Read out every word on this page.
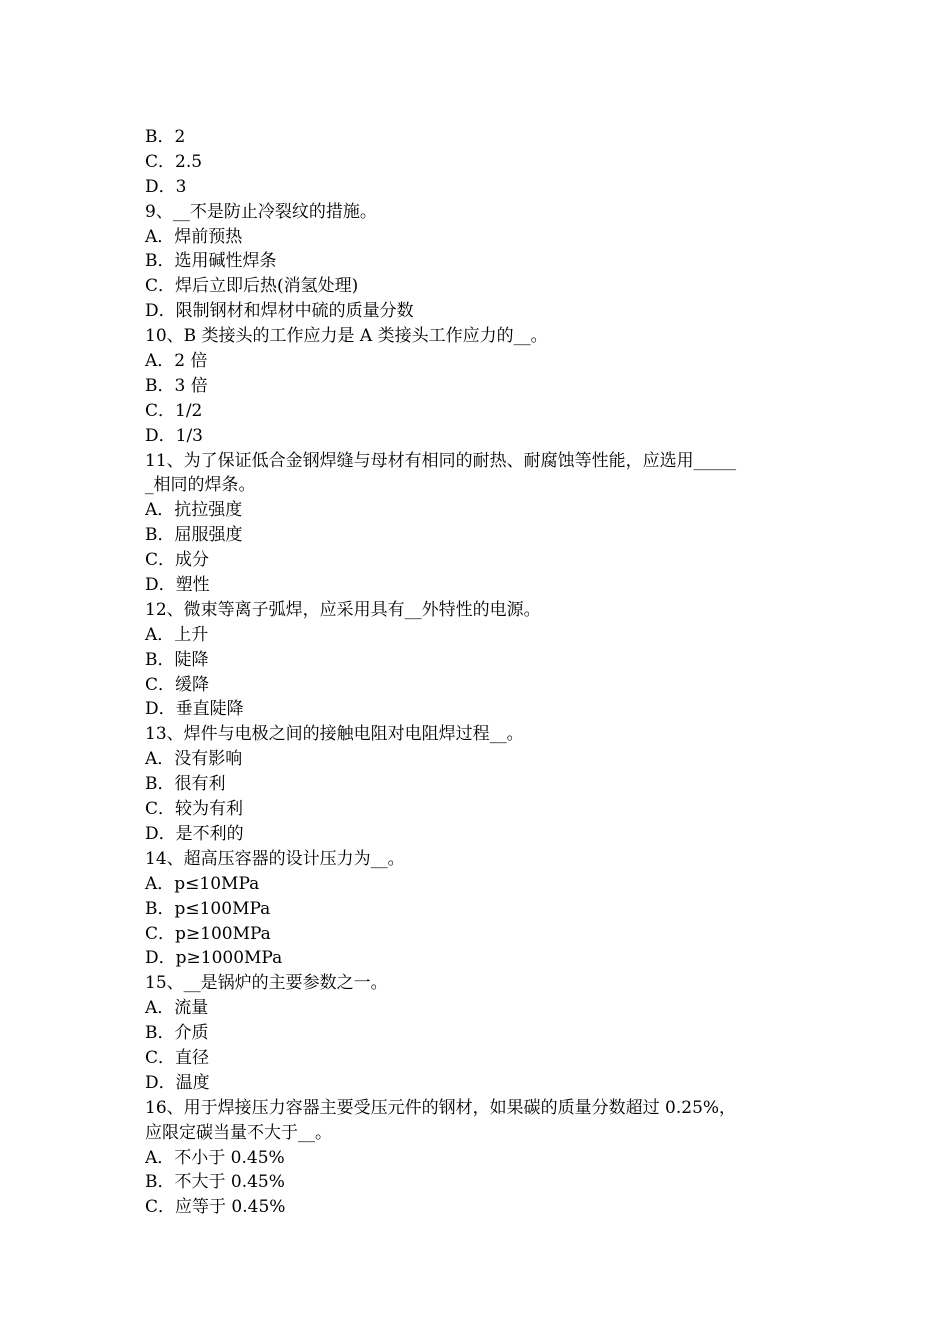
B．2
C．2.5
D．3
9、__不是防止冷裂纹的措施。
A．焊前预热
B．选用碱性焊条
C．焊后立即后热(消氢处理)
D．限制钢材和焊材中硫的质量分数
10、B 类接头的工作应力是 A 类接头工作应力的__。
A．2 倍
B．3 倍
C．1/2
D．1/3
11、为了保证低合金钢焊缝与母材有相同的耐热、耐腐蚀等性能，应选用_____
_相同的焊条。
A．抗拉强度
B．屈服强度
C．成分
D．塑性
12、微束等离子弧焊，应采用具有__外特性的电源。
A．上升
B．陡降
C．缓降
D．垂直陡降
13、焊件与电极之间的接触电阻对电阻焊过程__。
A．没有影响
B．很有利
C．较为有利
D．是不利的
14、超高压容器的设计压力为__。
A．p≤10MPa
B．p≤100MPa
C．p≥100MPa
D．p≥1000MPa
15、__是锅炉的主要参数之一。
A．流量
B．介质
C．直径
D．温度
16、用于焊接压力容器主要受压元件的钢材，如果碳的质量分数超过 0.25%，
应限定碳当量不大于__。
A．不小于 0.45%
B．不大于 0.45%
C．应等于 0.45%
